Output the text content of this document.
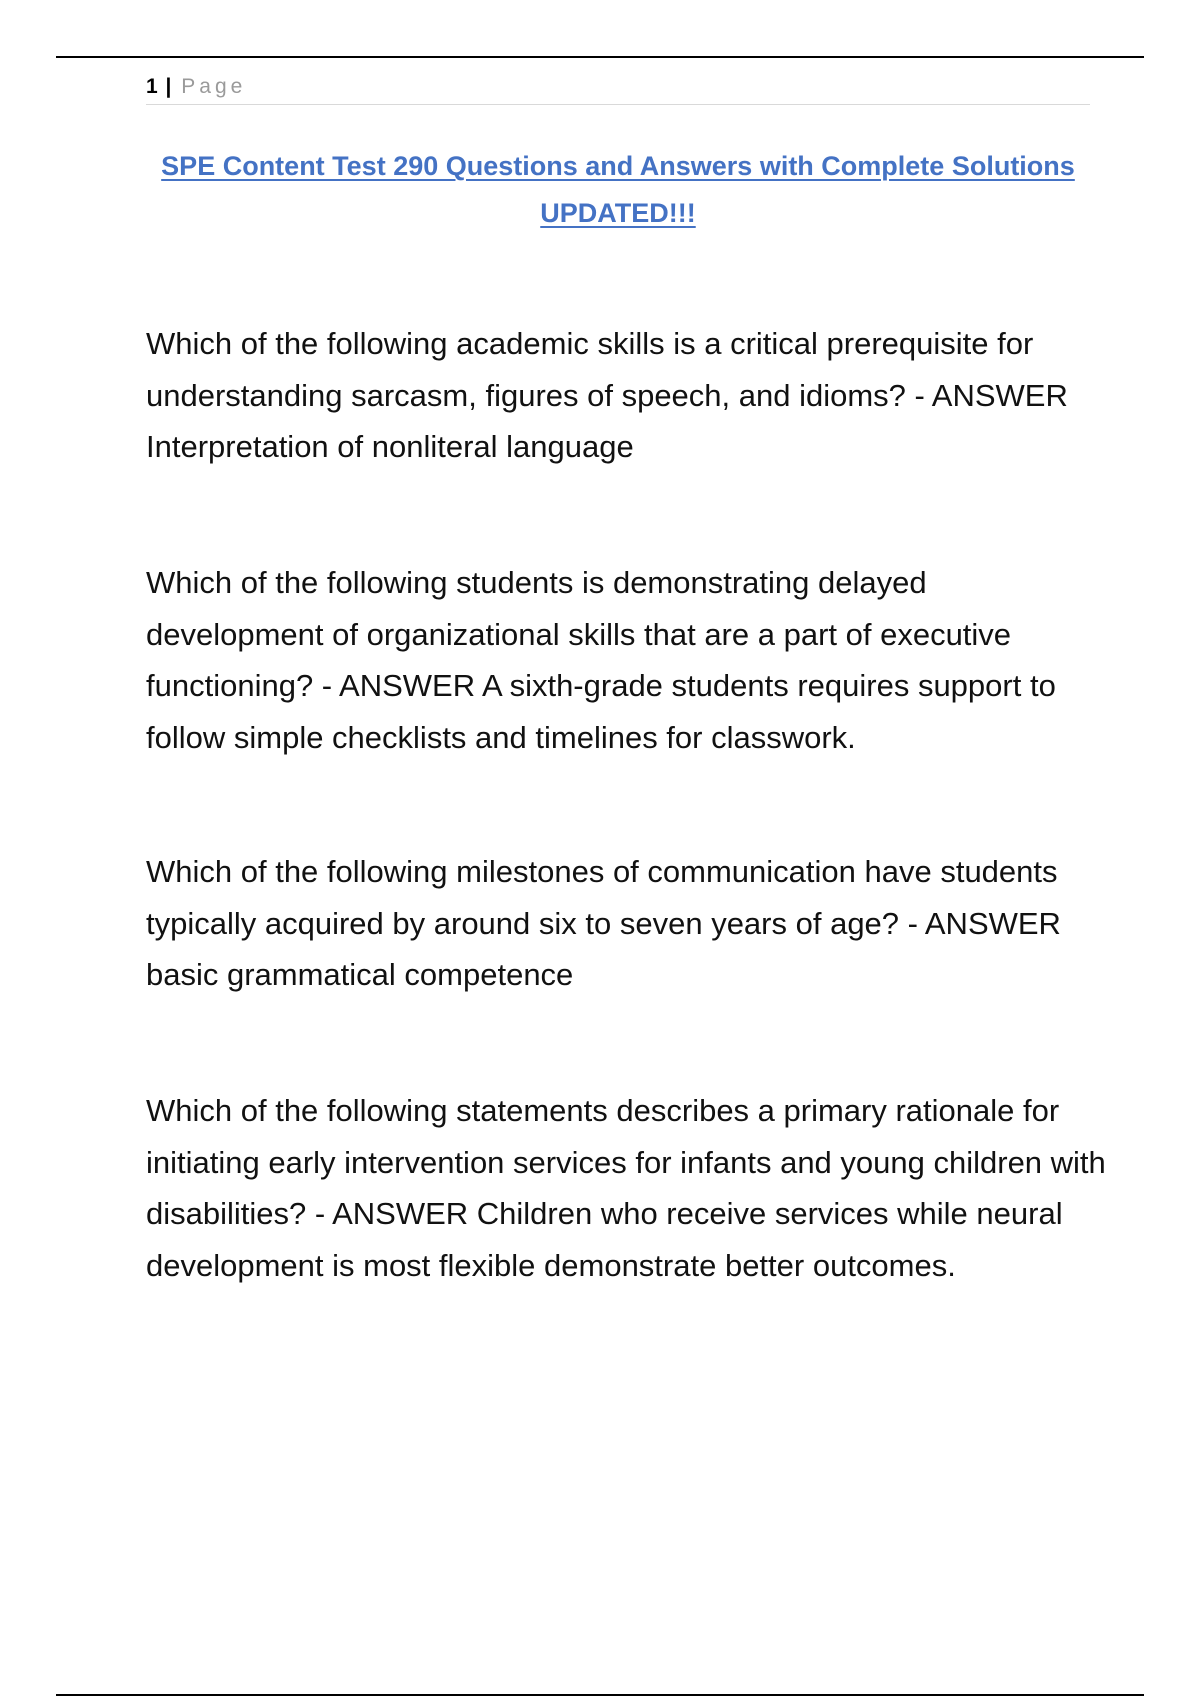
1 | Page
SPE Content Test 290 Questions and Answers with Complete Solutions UPDATED!!!
Which of the following academic skills is a critical prerequisite for understanding sarcasm, figures of speech, and idioms? - ANSWER Interpretation of nonliteral language
Which of the following students is demonstrating delayed development of organizational skills that are a part of executive functioning? - ANSWER A sixth-grade students requires support to follow simple checklists and timelines for classwork.
Which of the following milestones of communication have students typically acquired by around six to seven years of age? - ANSWER basic grammatical competence
Which of the following statements describes a primary rationale for initiating early intervention services for infants and young children with disabilities? - ANSWER Children who receive services while neural development is most flexible demonstrate better outcomes.
